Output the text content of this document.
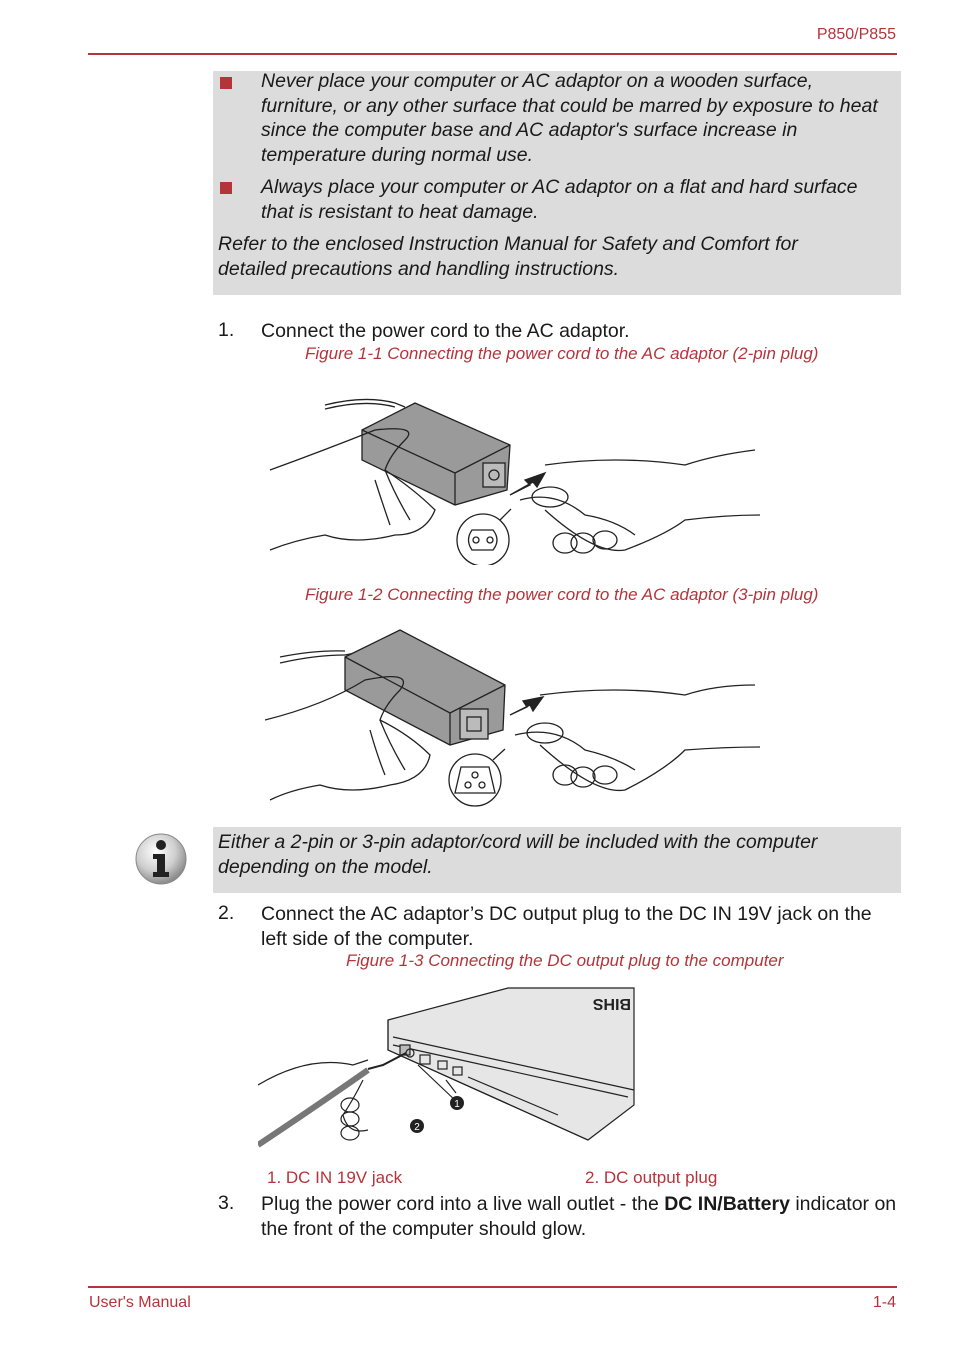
P850/P855
Never place your computer or AC adaptor on a wooden surface, furniture, or any other surface that could be marred by exposure to heat since the computer base and AC adaptor's surface increase in temperature during normal use.
Always place your computer or AC adaptor on a flat and hard surface that is resistant to heat damage.
Refer to the enclosed Instruction Manual for Safety and Comfort for detailed precautions and handling instructions.
1. Connect the power cord to the AC adaptor.
Figure 1-1 Connecting the power cord to the AC adaptor (2-pin plug)
Figure 1-2 Connecting the power cord to the AC adaptor (3-pin plug)
Either a 2-pin or 3-pin adaptor/cord will be included with the computer depending on the model.
2. Connect the AC adaptor’s DC output plug to the DC IN 19V jack on the left side of the computer.
Figure 1-3 Connecting the DC output plug to the computer
BIHS
1
2
1. DC IN 19V jack	2. DC output plug
3. Plug the power cord into a live wall outlet - the DC IN/Battery indicator on the front of the computer should glow.
User's Manual	1-4
